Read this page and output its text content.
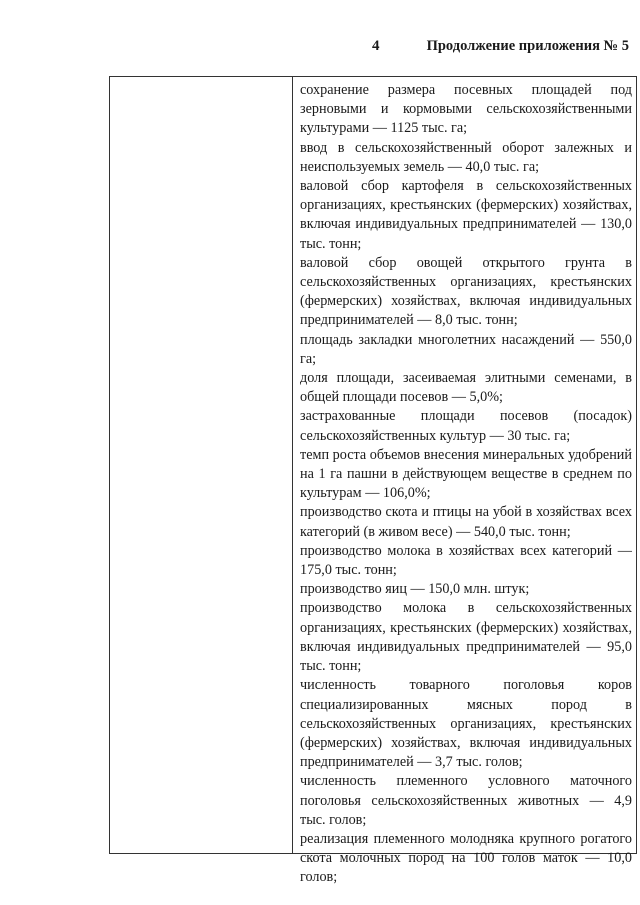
4	Продолжение приложения № 5

сохранение размера посевных площадей под зерновыми и кормовыми сельскохозяйственными культурами — 1125 тыс. га;

ввод в сельскохозяйственный оборот залежных и неиспользуемых земель — 40,0 тыс. га;

валовой сбор картофеля в сельскохозяйственных организациях, крестьянских (фермерских) хозяйствах, включая индивидуальных предпринимателей — 130,0 тыс. тонн;

валовой сбор овощей открытого грунта в сельскохозяйственных организациях, крестьянских (фермерских) хозяйствах, включая индивидуальных предпринимателей — 8,0 тыс. тонн;

площадь закладки многолетних насаждений — 550,0 га;

доля площади, засеиваемая элитными семенами, в общей площади посевов — 5,0%;

застрахованные площади посевов (посадок) сельскохозяйственных культур — 30 тыс. га;

темп роста объемов внесения минеральных удобрений на 1 га пашни в действующем веществе в среднем по культурам — 106,0%;

производство скота и птицы на убой в хозяйствах всех категорий (в живом весе) — 540,0 тыс. тонн;

производство молока в хозяйствах всех категорий — 175,0 тыс. тонн;

производство яиц — 150,0 млн. штук;

производство молока в сельскохозяйственных организациях, крестьянских (фермерских) хозяйствах, включая индивидуальных предпринимателей — 95,0 тыс. тонн;

численность товарного поголовья коров специализированных мясных пород в сельскохозяйственных организациях, крестьянских (фермерских) хозяйствах, включая индивидуальных предпринимателей — 3,7 тыс. голов;

численность племенного условного маточного поголовья сельскохозяйственных животных — 4,9 тыс. голов;

реализация племенного молодняка крупного рогатого скота молочных пород на 100 голов маток — 10,0 голов;
